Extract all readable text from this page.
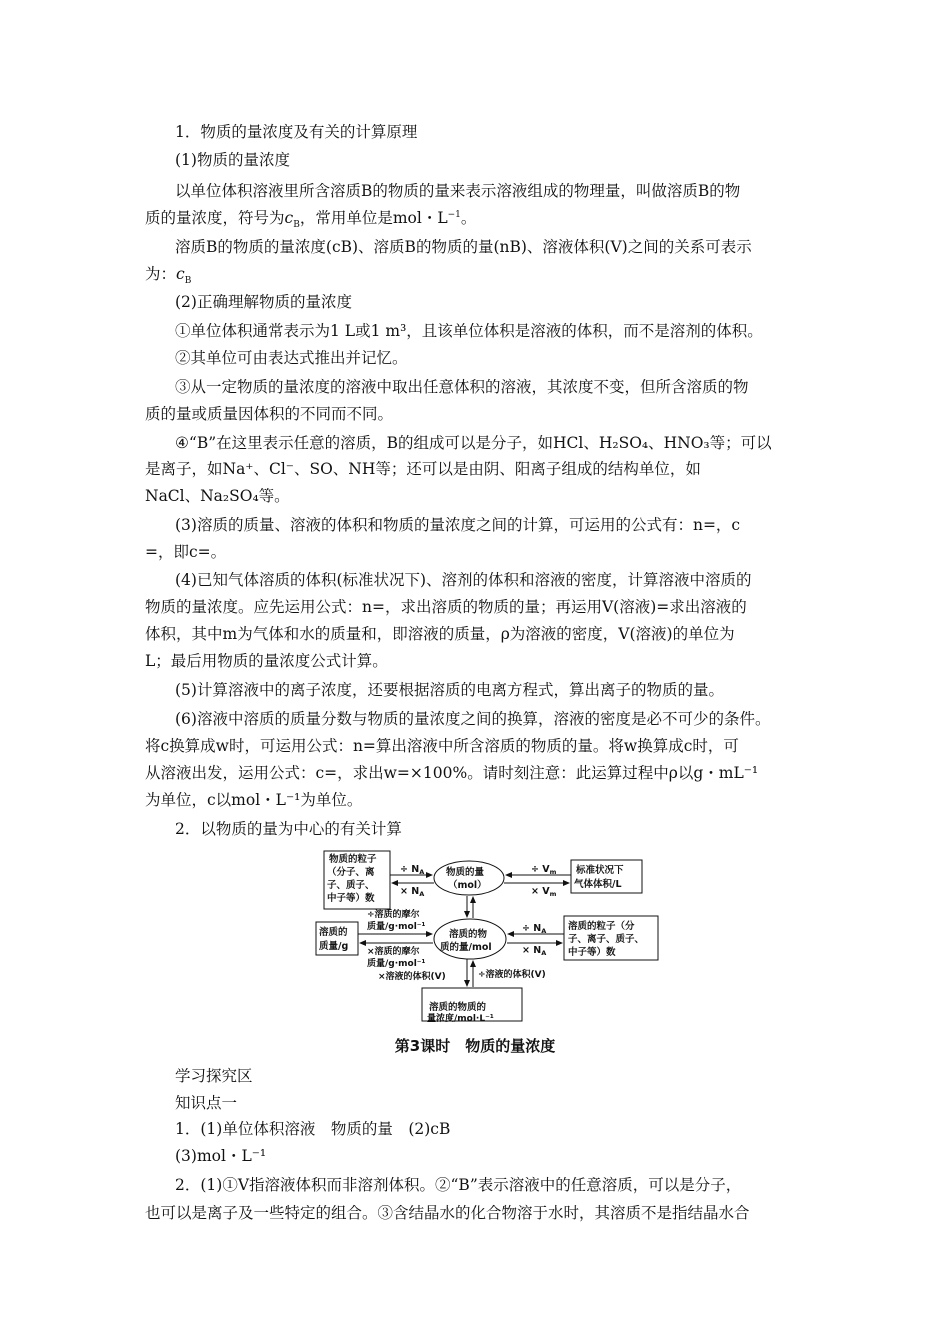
1．物质的量浓度及有关的计算原理
(1)物质的量浓度
以单位体积溶液里所含溶质B的物质的量来表示溶液组成的物理量，叫做溶质B的物
质的量浓度，符号为$c_B$，常用单位是mol・$L^{-1}$。
溶质B的物质的量浓度(cB)、溶质B的物质的量(nB)、溶液体积(V)之间的关系可表示
为：$c_B$
(2)正确理解物质的量浓度
①单位体积通常表示为1 L或1 m³，且该单位体积是溶液的体积，而不是溶剂的体积。
②其单位可由表达式推出并记忆。
③从一定物质的量浓度的溶液中取出任意体积的溶液，其浓度不变，但所含溶质的物
质的量或质量因体积的不同而不同。
④“B”在这里表示任意的溶质，B的组成可以是分子，如HCl、H₂SO₄、HNO₃等；可以
是离子，如Na⁺、Cl⁻、SO、NH等；还可以是由阴、阳离子组成的结构单位，如
NaCl、Na₂SO₄等。
(3)溶质的质量、溶液的体积和物质的量浓度之间的计算，可运用的公式有：n=，c
=，即c=。
(4)已知气体溶质的体积(标准状况下)、溶剂的体积和溶液的密度，计算溶液中溶质的
物质的量浓度。应先运用公式：n=，求出溶质的物质的量；再运用V(溶液)=求出溶液的
体积，其中m为气体和水的质量和，即溶液的质量，ρ为溶液的密度，V(溶液)的单位为
L；最后用物质的量浓度公式计算。
(5)计算溶液中的离子浓度，还要根据溶质的电离方程式，算出离子的物质的量。
(6)溶液中溶质的质量分数与物质的量浓度之间的换算，溶液的密度是必不可少的条件。
将c换算成w时，可运用公式：n=算出溶液中所含溶质的物质的量。将w换算成c时，可
从溶液出发，运用公式：c=，求出w=×100%。请时刻注意：此运算过程中ρ以g・mL⁻¹
为单位，c以mol・L⁻¹为单位。
2．以物质的量为中心的有关计算
物质的粒子
（分子、离
子、质子、
中子等）数
物质的量
（mol）
标准状况下
气体体积/L
溶质的
质量/g
溶质的物
质的量/mol
溶质的粒子（分
子、离子、质子、
中子等）数
溶质的物质的
量浓度/mol·L⁻¹
÷ $N_A$
× $N_A$
÷ $V_m$
× $V_m$
÷ $N_A$
× $N_A$
÷溶质的摩尔
质量/g·mol⁻¹
×溶质的摩尔
质量/g·mol⁻¹
×溶液的体积(V)	÷溶液的体积(V)
第3课时　物质的量浓度
学习探究区
知识点一
1．(1)单位体积溶液　物质的量　(2)cB
(3)mol・L⁻¹
2．(1)①V指溶液体积而非溶剂体积。②“B”表示溶液中的任意溶质，可以是分子，
也可以是离子及一些特定的组合。③含结晶水的化合物溶于水时，其溶质不是指结晶水合
